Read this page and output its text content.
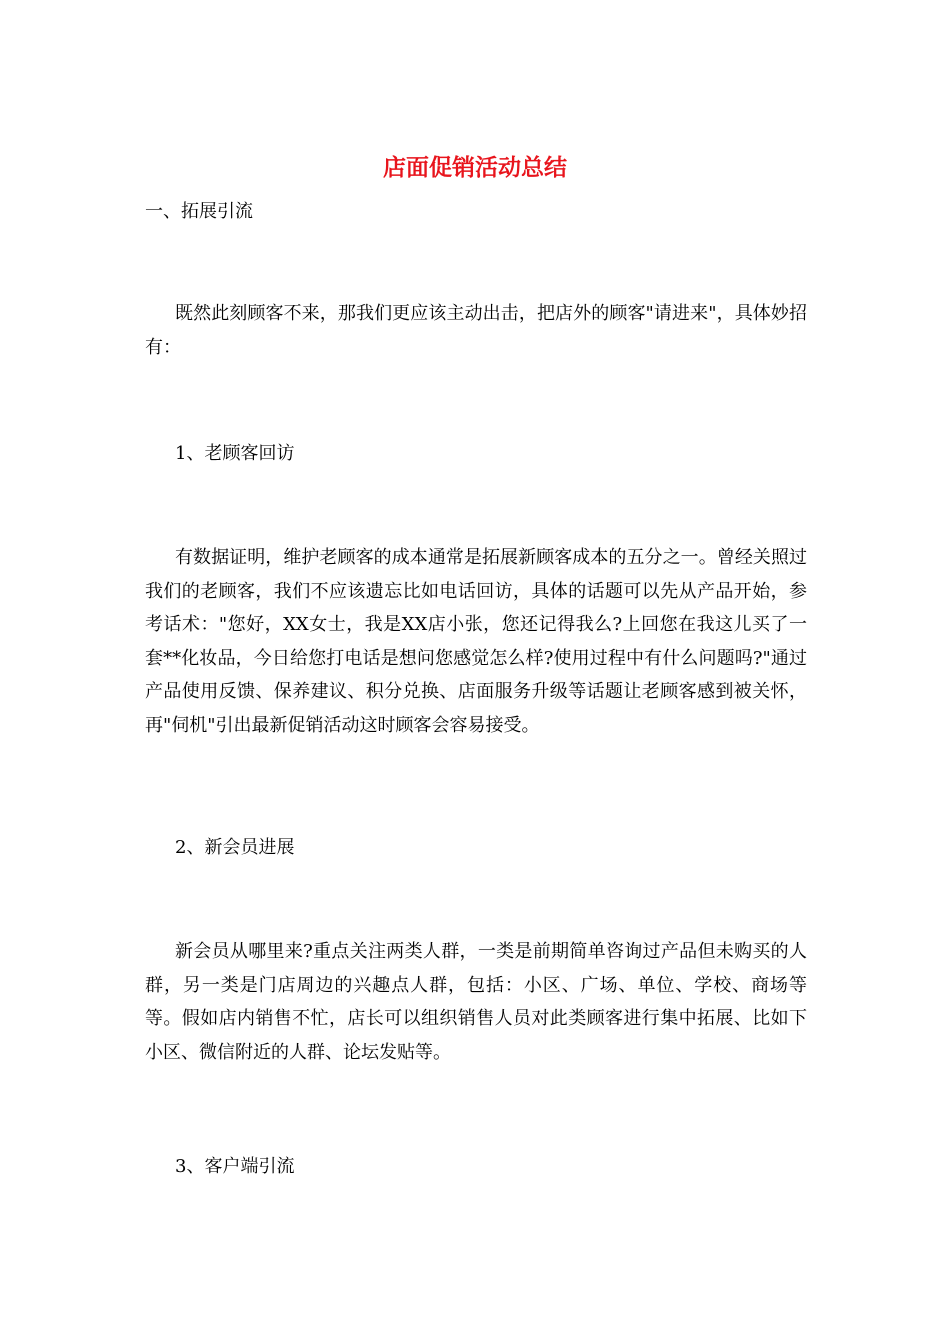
店面促销活动总结
一、拓展引流
既然此刻顾客不来，那我们更应该主动出击，把店外的顾客"请进来"，具体妙招有：
1、老顾客回访
有数据证明，维护老顾客的成本通常是拓展新顾客成本的五分之一。曾经关照过我们的老顾客，我们不应该遗忘比如电话回访，具体的话题可以先从产品开始，参考话术："您好，XX女士，我是XX店小张，您还记得我么?上回您在我这儿买了一套**化妆品，今日给您打电话是想问您感觉怎么样?使用过程中有什么问题吗?"通过产品使用反馈、保养建议、积分兑换、店面服务升级等话题让老顾客感到被关怀，再"伺机"引出最新促销活动这时顾客会容易接受。
2、新会员进展
新会员从哪里来?重点关注两类人群，一类是前期简单咨询过产品但未购买的人群，另一类是门店周边的兴趣点人群，包括：小区、广场、单位、学校、商场等等。假如店内销售不忙，店长可以组织销售人员对此类顾客进行集中拓展、比如下小区、微信附近的人群、论坛发贴等。
3、客户端引流
